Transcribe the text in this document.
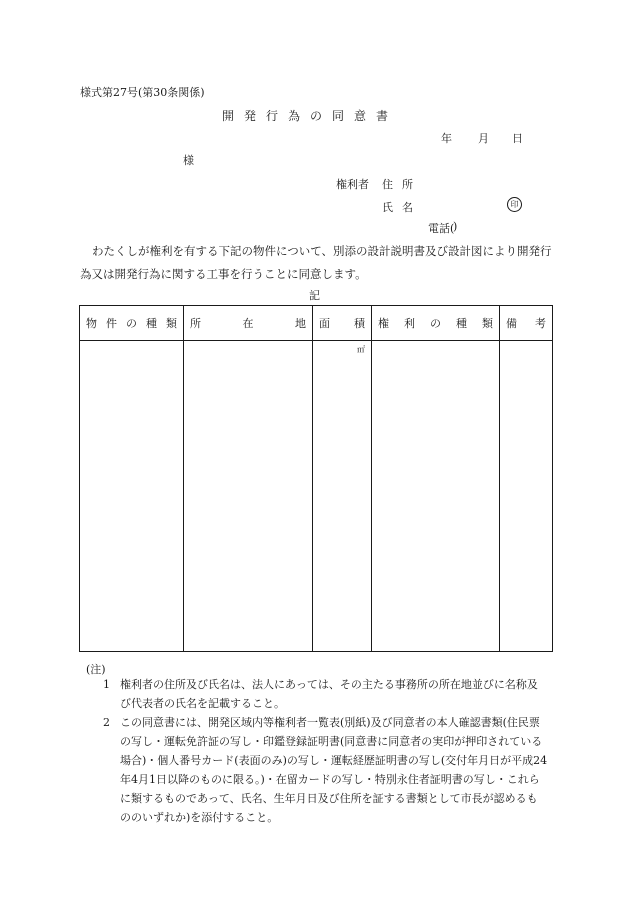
様式第27号(第30条関係)
開発行為の同意書
年 月 日
様
権利者 住所
氏名	印
電話(
)
わたくしが権利を有する下記の物件について、別添の設計説明書及び設計図により開発行為又は開発行為に関する工事を行うことに同意します。
記
物 件 の 種 類	所 在 地	面 積	権 利 の 種 類	備 考

		㎡		

(注)
1 権利者の住所及び氏名は、法人にあっては、その主たる事務所の所在地並びに名称及び代表者の氏名を記載すること。
2 この同意書には、開発区域内等権利者一覧表(別紙)及び同意者の本人確認書類(住民票の写し・運転免許証の写し・印鑑登録証明書(同意書に同意者の実印が押印されている場合)・個人番号カード(表面のみ)の写し・運転経歴証明書の写し(交付年月日が平成24年4月1日以降のものに限る。)・在留カードの写し・特別永住者証明書の写し・これらに類するものであって、氏名、生年月日及び住所を証する書類として市長が認めるもののいずれか)を添付すること。
